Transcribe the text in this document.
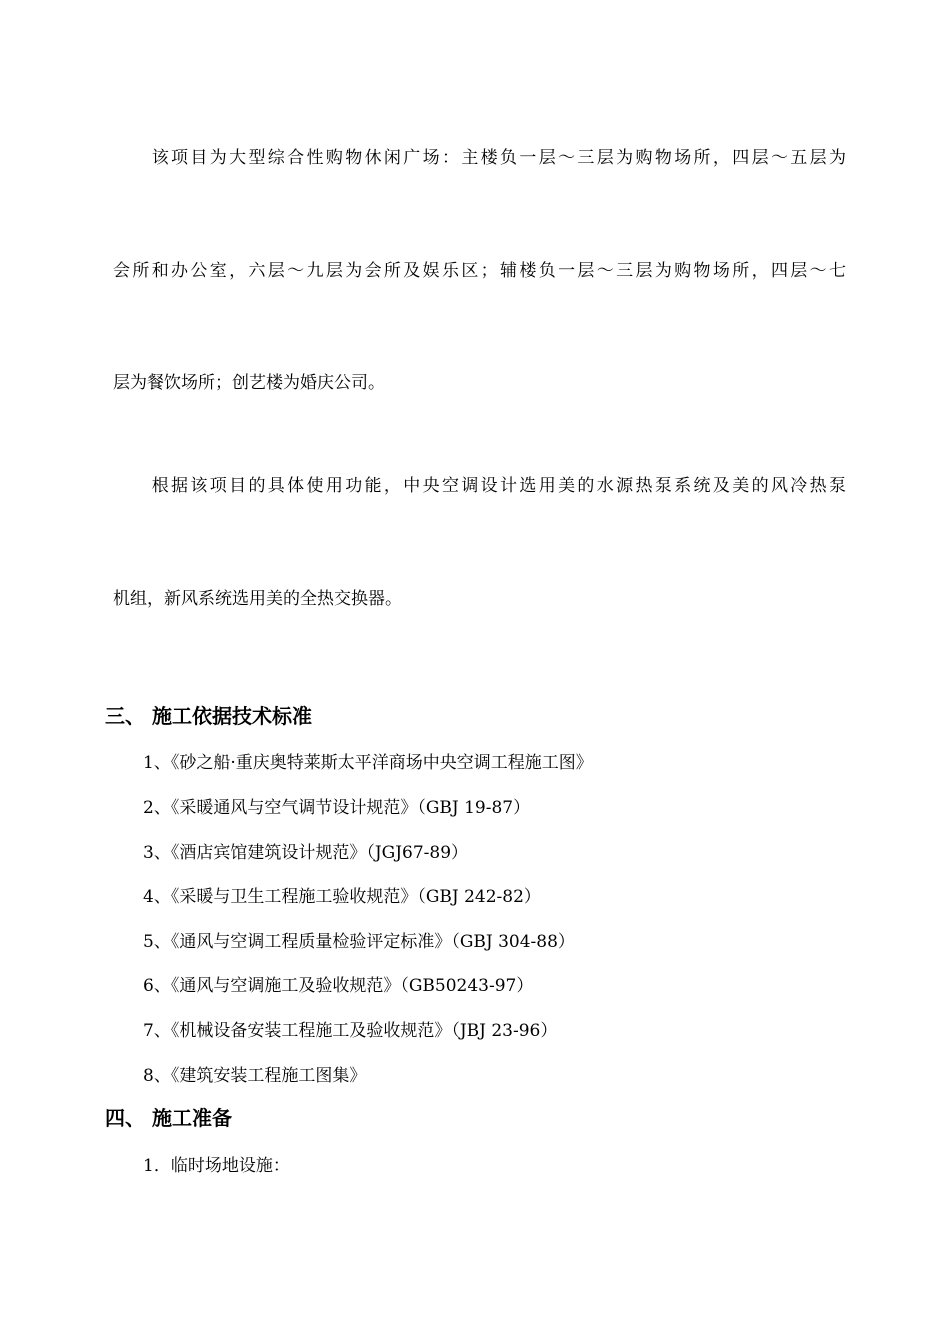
　　该项目为大型综合性购物休闲广场：主楼负一层～三层为购物场所，四层～五层为
会所和办公室，六层～九层为会所及娱乐区；辅楼负一层～三层为购物场所，四层～七
层为餐饮场所；创艺楼为婚庆公司。
　　根据该项目的具体使用功能，中央空调设计选用美的水源热泵系统及美的风冷热泵
机组，新风系统选用美的全热交换器。
三、 施工依据技术标准
1、《砂之船·重庆奥特莱斯太平洋商场中央空调工程施工图》
2、《采暖通风与空气调节设计规范》（GBJ 19-87）
3、《酒店宾馆建筑设计规范》（JGJ67-89）
4、《采暖与卫生工程施工验收规范》（GBJ 242-82）
5、《通风与空调工程质量检验评定标准》（GBJ 304-88）
6、《通风与空调施工及验收规范》（GB50243-97）
7、《机械设备安装工程施工及验收规范》（JBJ 23-96）
8、《建筑安装工程施工图集》
四、 施工准备
1．临时场地设施：
